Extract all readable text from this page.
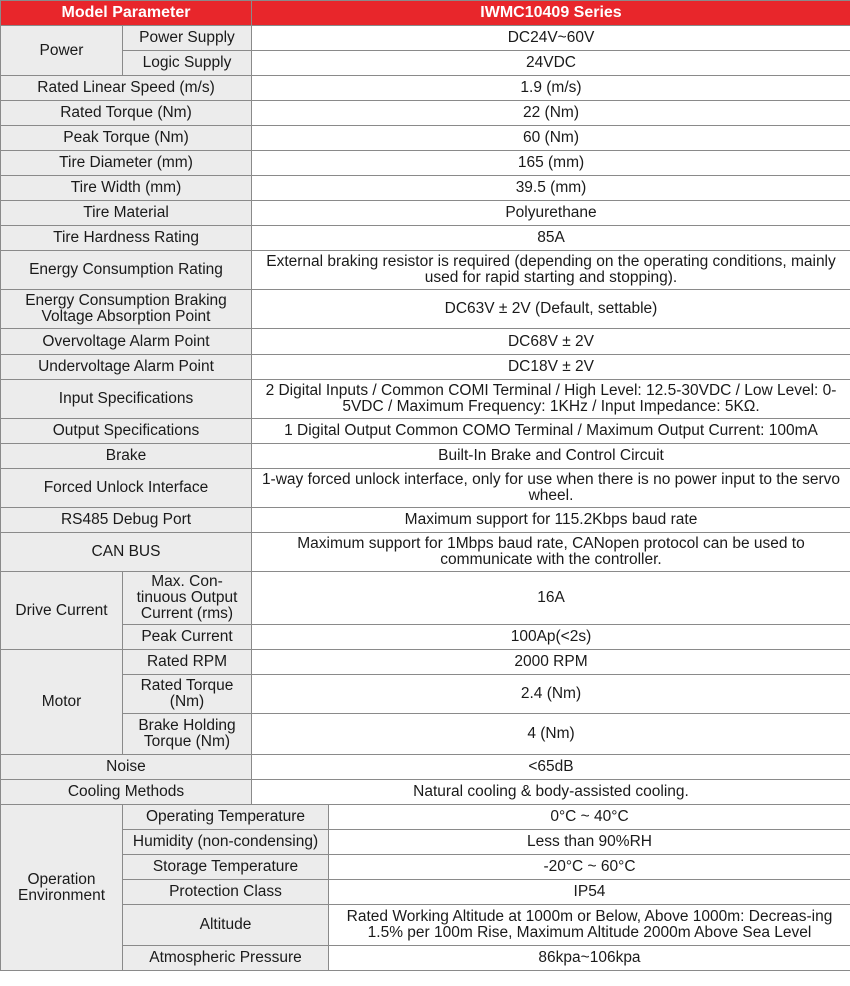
Model Parameter		IWMC10409 Series	
Power	Power Supply	DC24V~60V	
	Logic Supply	24VDC	
Rated Linear Speed (m/s)		1.9 (m/s)	
Rated Torque (Nm)		22 (Nm)	
Peak Torque (Nm)		60 (Nm)	
Tire Diameter (mm)		165 (mm)	
Tire Width (mm)		39.5 (mm)	
Tire Material		Polyurethane	
Tire Hardness Rating		85A	
Energy Consumption Rating		External braking resistor is required (depending on the operating conditions, mainly used for rapid starting and stopping).	
Energy Consumption Braking Voltage Absorption Point		DC63V ± 2V (Default, settable)	
Overvoltage Alarm Point		DC68V ± 2V	
Undervoltage Alarm Point		DC18V ± 2V	
Input Specifications		2 Digital Inputs / Common COMI Terminal / High Level: 12.5-30VDC / Low Level: 0-5VDC / Maximum Frequency: 1KHz / Input Impedance: 5KΩ.	
Output Specifications		1 Digital Output Common COMO Terminal / Maximum Output Current: 100mA	
Brake		Built-In Brake and Control Circuit	
Forced Unlock Interface		1-way forced unlock interface, only for use when there is no power input to the servo wheel.	
RS485 Debug Port		Maximum support for 115.2Kbps baud rate	
CAN BUS		Maximum support for 1Mbps baud rate, CANopen protocol can be used to communicate with the controller.	
Drive Current	Max. Con-tinuous Output Current (rms)	16A	
	Peak Current	100Ap(<2s)	
Motor	Rated RPM	2000 RPM	
	Rated Torque (Nm)	2.4 (Nm)	
	Brake Holding Torque (Nm)	4 (Nm)	
Noise		<65dB	
Cooling Methods		Natural cooling & body-assisted cooling.	
Operation Environment	Operating Temperature		0°C ~ 40°C
	Humidity (non-condensing)		Less than 90%RH
	Storage Temperature		-20°C ~ 60°C
	Protection Class		IP54
	Altitude		Rated Working Altitude at 1000m or Below, Above 1000m: Decreas-ing 1.5% per 100m Rise, Maximum Altitude 2000m Above Sea Level
	Atmospheric Pressure		86kpa~106kpa
